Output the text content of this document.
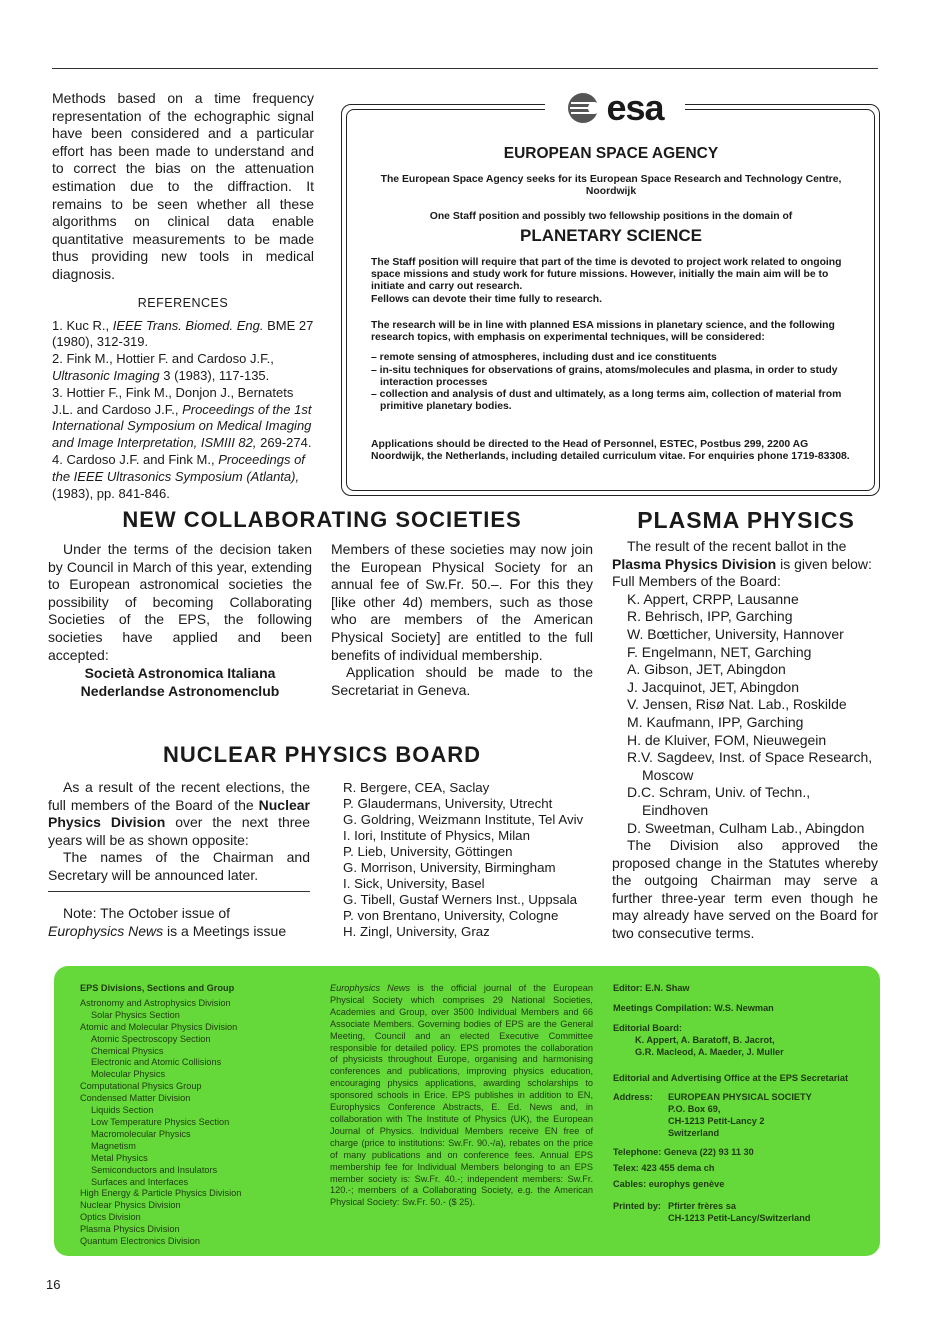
Methods based on a time frequency representation of the echographic signal have been considered and a particular effort has been made to understand and to correct the bias on the attenuation estimation due to the diffraction. It remains to be seen whether all these algorithms on clinical data enable quantitative measurements to be made thus providing new tools in medical diagnosis.

REFERENCES
1. Kuc R., IEEE Trans. Biomed. Eng. BME 27 (1980), 312-319.
2. Fink M., Hottier F. and Cardoso J.F., Ultrasonic Imaging 3 (1983), 117-135.
3. Hottier F., Fink M., Donjon J., Bernatets J.L. and Cardoso J.F., Proceedings of the 1st International Symposium on Medical Imaging and Image Interpretation, ISMIII 82, 269-274.
4. Cardoso J.F. and Fink M., Proceedings of the IEEE Ultrasonics Symposium (Atlanta), (1983), pp. 841-846.
esa
EUROPEAN SPACE AGENCY
The European Space Agency seeks for its European Space Research and Technology Centre, Noordwijk
One Staff position and possibly two fellowship positions in the domain of
PLANETARY SCIENCE

The Staff position will require that part of the time is devoted to project work related to ongoing space missions and study work for future missions. However, initially the main aim will be to initiate and carry out research.

Fellows can devote their time fully to research.

The research will be in line with planned ESA missions in planetary science, and the following research topics, with emphasis on experimental techniques, will be considered:

– remote sensing of atmospheres, including dust and ice constituents
– in-situ techniques for observations of grains, atoms/molecules and plasma, in order to study interaction processes
– collection and analysis of dust and ultimately, as a long terms aim, collection of material from primitive planetary bodies.
Applications should be directed to the Head of Personnel, ESTEC, Postbus 299, 2200 AG Noordwijk, the Netherlands, including detailed curriculum vitae. For enquiries phone 1719-83308.
NEW COLLABORATING SOCIETIES

Under the terms of the decision taken by Council in March of this year, extending to European astronomical societies the possibility of becoming Collaborating Societies of the EPS, the following societies have applied and been accepted:

Società Astronomica Italiana
Nederlandse Astronomenclub

Members of these societies may now join the European Physical Society for an annual fee of Sw.Fr. 50.–. For this they [like other 4d) members, such as those who are members of the American Physical Society] are entitled to the full benefits of individual membership.

Application should be made to the Secretariat in Geneva.

NUCLEAR PHYSICS BOARD

As a result of the recent elections, the full members of the Board of the Nuclear Physics Division over the next three years will be as shown opposite:

The names of the Chairman and Secretary will be announced later.

Note: The October issue of Europhysics News is a Meetings issue

R. Bergere, CEA, Saclay
P. Glaudermans, University, Utrecht
G. Goldring, Weizmann Institute, Tel Aviv
I. Iori, Institute of Physics, Milan
P. Lieb, University, Göttingen
G. Morrison, University, Birmingham
I. Sick, University, Basel
G. Tibell, Gustaf Werners Inst., Uppsala
P. von Brentano, University, Cologne
H. Zingl, University, Graz
PLASMA PHYSICS

The result of the recent ballot in the Plasma Physics Division is given below:

Full Members of the Board:

K. Appert, CRPP, Lausanne
R. Behrisch, IPP, Garching
W. Bœtticher, University, Hannover
F. Engelmann, NET, Garching
A. Gibson, JET, Abingdon
J. Jacquinot, JET, Abingdon
V. Jensen, Risø Nat. Lab., Roskilde
M. Kaufmann, IPP, Garching
H. de Kluiver, FOM, Nieuwegein
R.V. Sagdeev, Inst. of Space Research, Moscow
D.C. Schram, Univ. of Techn., Eindhoven
D. Sweetman, Culham Lab., Abingdon

The Division also approved the proposed change in the Statutes whereby the outgoing Chairman may serve a further three-year term even though he may already have served on the Board for two consecutive terms.

EPS Divisions, Sections and Group
Astronomy and Astrophysics Division
Solar Physics Section
Atomic and Molecular Physics Division
Atomic Spectroscopy Section
Chemical Physics
Electronic and Atomic Collisions
Molecular Physics
Computational Physics Group
Condensed Matter Division
Liquids Section
Low Temperature Physics Section
Macromolecular Physics
Magnetism
Metal Physics
Semiconductors and Insulators
Surfaces and Interfaces
High Energy & Particle Physics Division
Nuclear Physics Division
Optics Division
Plasma Physics Division
Quantum Electronics Division
Europhysics News is the official journal of the European Physical Society which comprises 29 National Societies, Academies and Group, over 3500 Individual Members and 66 Associate Members. Governing bodies of EPS are the General Meeting, Council and an elected Executive Committee responsible for detailed policy. EPS promotes the collaboration of physicists throughout Europe, organising and harmonising conferences and publications, improving physics education, encouraging physics applications, awarding scholarships to sponsored schools in Erice. EPS publishes in addition to EN, Europhysics Conference Abstracts, E. Ed. News and, in collaboration with The Institute of Physics (UK), the European Journal of Physics. Individual Members receive EN free of charge (price to institutions: Sw.Fr. 90.-/a), rebates on the price of many publications and on conference fees. Annual EPS membership fee for Individual Members belonging to an EPS member society is: Sw.Fr. 40.-; independent members: Sw.Fr. 120.-; members of a Collaborating Society, e.g. the American Physical Society: Sw.Fr. 50.- ($ 25).
Editor: E.N. Shaw
Meetings Compilation: W.S. Newman
Editorial Board:
K. Appert, A. Baratoff, B. Jacrot,
G.R. Macleod, A. Maeder, J. Muller
Editorial and Advertising Office at the EPS Secretariat
Address:	EUROPEAN PHYSICAL SOCIETY
P.O. Box 69,
CH-1213 Petit-Lancy 2
Switzerland
Telephone: Geneva (22) 93 11 30
Telex: 423 455 dema ch
Cables: europhys genève
Printed by: Pfirter frères sa
CH-1213 Petit-Lancy/Switzerland
16
